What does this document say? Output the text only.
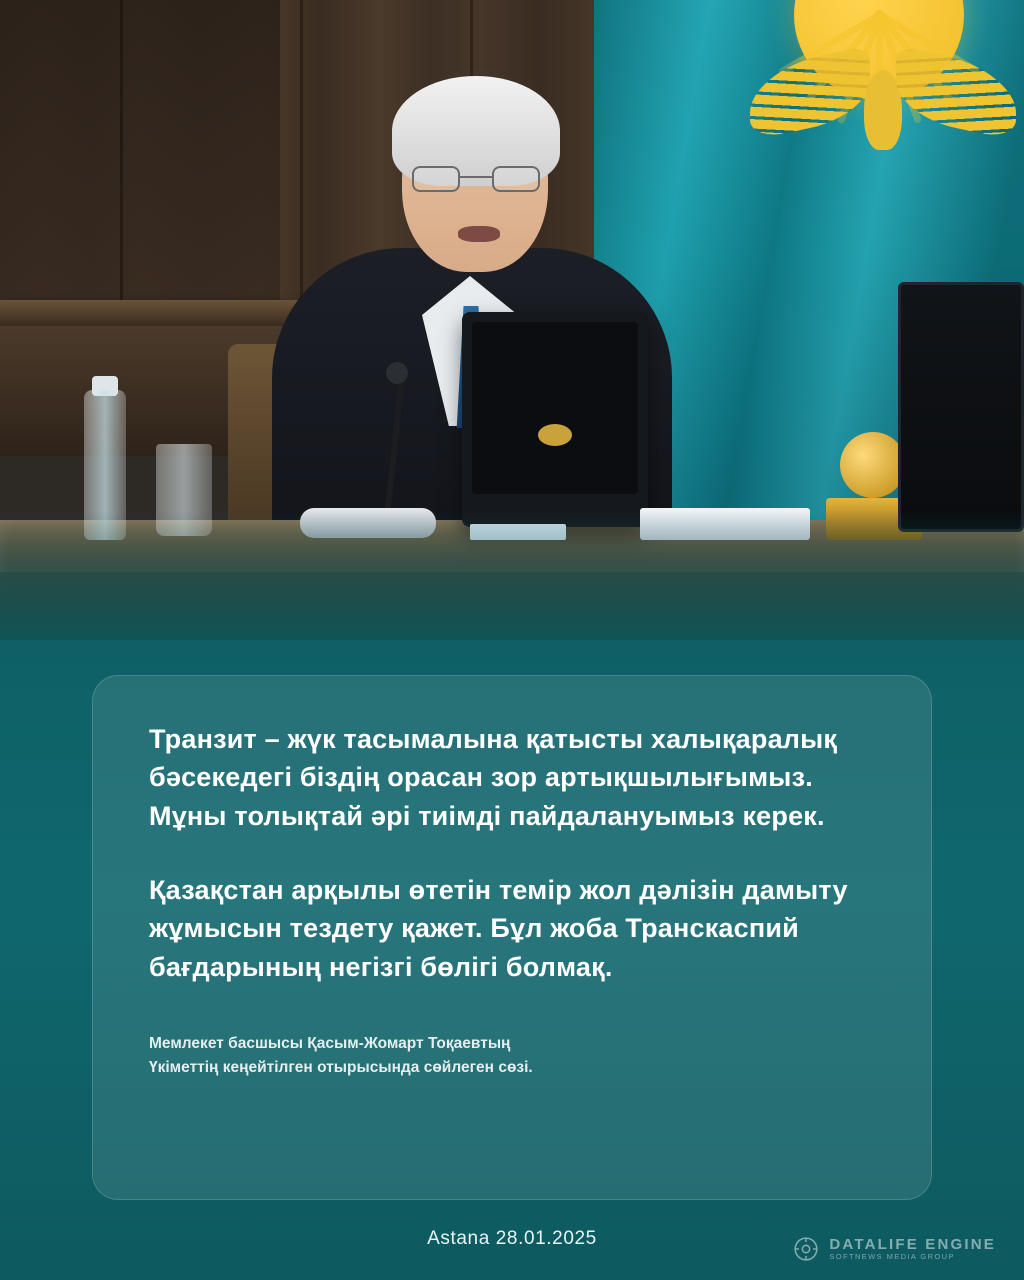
Транзит – жүк тасымалына қатысты халықаралық бәсекедегі біздің орасан зор артықшылығымыз. Мұны толықтай әрі тиімді пайдалануымыз керек.

Қазақстан арқылы өтетін темір жол дәлізін дамыту жұмысын тездету қажет. Бұл жоба Транскаспий бағдарының негізгі бөлігі болмақ.

Мемлекет басшысы Қасым-Жомарт Тоқаевтың
Үкіметтің кеңейтілген отырысында сөйлеген сөзі.
Astana 28.01.2025	DATALIFE ENGINE
SOFTNEWS MEDIA GROUP
